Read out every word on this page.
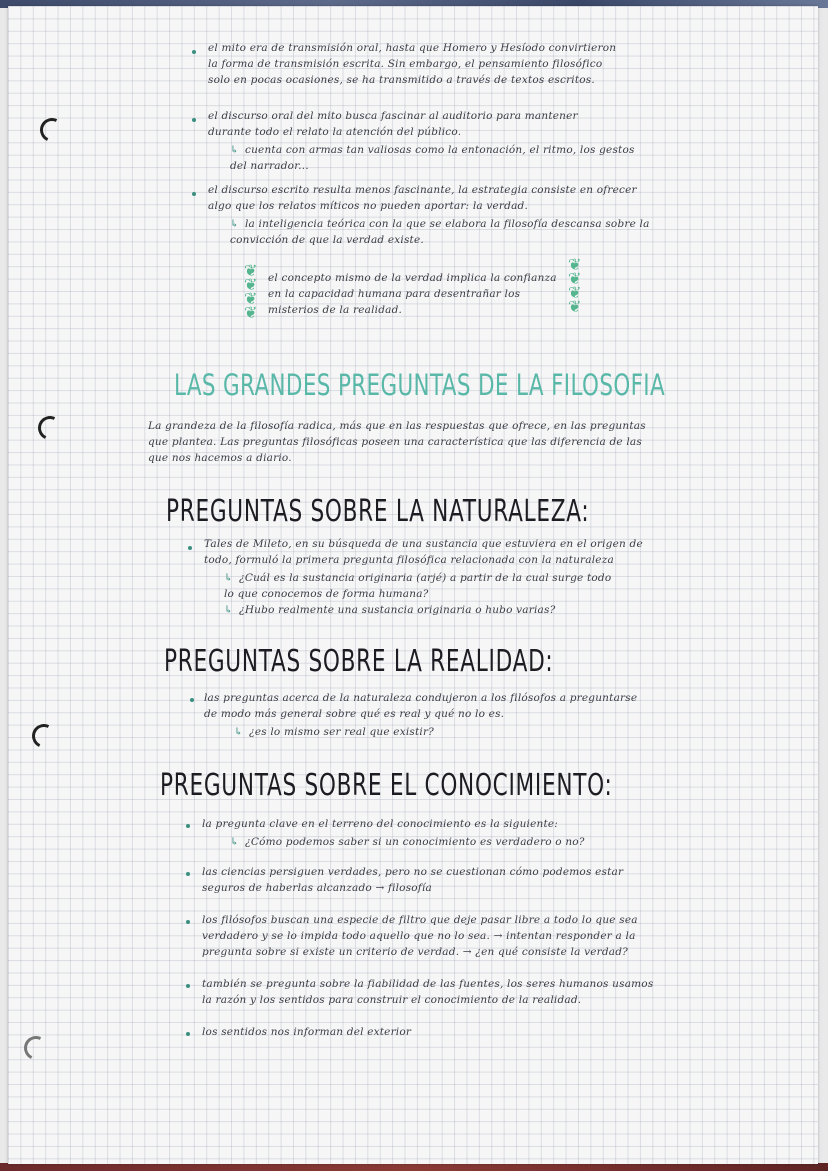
el mito era de transmisión oral, hasta que Homero y Hesíodo convirtieron la forma de transmisión escrita. Sin embargo, el pensamiento filosófico solo en pocas ocasiones, se ha transmitido a través de textos escritos.
el discurso oral del mito busca fascinar al auditorio para mantener durante todo el relato la atención del público.
↳ cuenta con armas tan valiosas como la entonación, el ritmo, los gestos del narrador...
el discurso escrito resulta menos fascinante, la estrategia consiste en ofrecer algo que los relatos míticos no pueden aportar: la verdad.
↳ la inteligencia teórica con la que se elabora la filosofía descansa sobre la convicción de que la verdad existe.
❦
❦
❦
❦
el concepto mismo de la verdad implica la confianza en la capacidad humana para desentrañar los misterios de la realidad.
❦
❦
❦
❦
LAS GRANDES PREGUNTAS DE LA FILOSOFIA
La grandeza de la filosofía radica, más que en las respuestas que ofrece, en las preguntas que plantea. Las preguntas filosóficas poseen una característica que las diferencia de las que nos hacemos a diario.
PREGUNTAS SOBRE LA NATURALEZA:
Tales de Mileto, en su búsqueda de una sustancia que estuviera en el origen de todo, formuló la primera pregunta filosófica relacionada con la naturaleza
↳ ¿Cuál es la sustancia originaria (arjé) a partir de la cual surge todo lo que conocemos de forma humana?
↳ ¿Hubo realmente una sustancia originaria o hubo varias?
PREGUNTAS SOBRE LA REALIDAD:
las preguntas acerca de la naturaleza condujeron a los filósofos a preguntarse de modo más general sobre qué es real y qué no lo es.
↳ ¿es lo mismo ser real que existir?
PREGUNTAS SOBRE EL CONOCIMIENTO:
la pregunta clave en el terreno del conocimiento es la siguiente:
↳ ¿Cómo podemos saber si un conocimiento es verdadero o no?
las ciencias persiguen verdades, pero no se cuestionan cómo podemos estar seguros de haberlas alcanzado → filosofía
los filósofos buscan una especie de filtro que deje pasar libre a todo lo que sea verdadero y se lo impida todo aquello que no lo sea. → intentan responder a la pregunta sobre si existe un criterio de verdad. → ¿en qué consiste la verdad?
también se pregunta sobre la fiabilidad de las fuentes, los seres humanos usamos la razón y los sentidos para construir el conocimiento de la realidad.
los sentidos nos informan del exterior
